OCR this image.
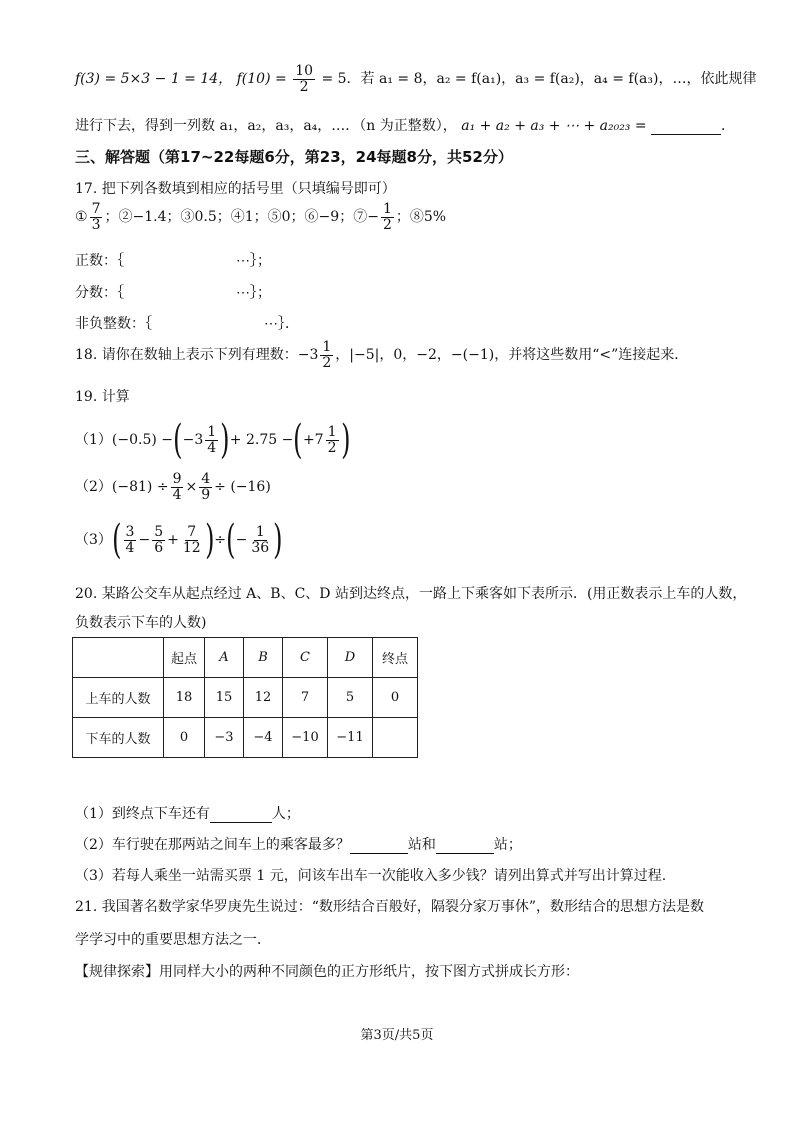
f(3) = 5×3 − 1 = 14， $f(10) = \frac{10}{2} = 5$．若 a₁ = 8，a₂ = f(a₁)，a₃ = f(a₂)，a₄ = f(a₃)，…，依此规律
进行下去，得到一列数 a₁，a₂，a₃，a₄，…．（n 为正整数）， a₁ + a₂ + a₃ + ⋯ + a₂₀₂₃ =	．
三、解答题（第17~22每题6分，第23，24每题8分，共52分）
17. 把下列各数填到相应的括号里（只填编号即可）
① $\frac{7}{3}$ ；②−1.4；③0.5；④1；⑤0；⑥−9；⑦− $\frac{1}{2}$ ；⑧5%
正数：｛	⋯｝；
分数：｛	⋯｝；
非负整数：｛	⋯｝．
18. 请你在数轴上表示下列有理数： $-3 \frac{1}{2}$ ，|−5|，0，−2，−(−1)，并将这些数用“<”连接起来．
19. 计算
$(1)(-0.5) -(-3 \frac{1}{4}$ )+ $2.75 -(+7 \frac{1}{2}$ )
$(2)(-81) \div \frac{9}{4} \times \frac{4}{9} \div (-16)$
$(3)( \frac{3}{4} - \frac{5}{6} + \frac{7}{12}$ )÷(− $\frac{1}{36}$ )
20. 某路公交车从起点经过 A、B、C、D 站到达终点，一路上下乘客如下表所示．(用正数表示上车的人数，
负数表示下车的人数)
	起点	A	B	C	D	终点
上车的人数	18	15	12	7	5	0
下车的人数	0	−3	−4	−10	−11	
（1）到终点下车还有	人；
（2）车行驶在那两站之间车上的乘客最多？	站和	站；
（3）若每人乘坐一站需买票 1 元，问该车出车一次能收入多少钱？请列出算式并写出计算过程.
21. 我国著名数学家华罗庚先生说过：“数形结合百般好，隔裂分家万事休”，数形结合的思想方法是数
学学习中的重要思想方法之一．
【规律探索】用同样大小的两种不同颜色的正方形纸片，按下图方式拼成长方形：
第3页/共5页
